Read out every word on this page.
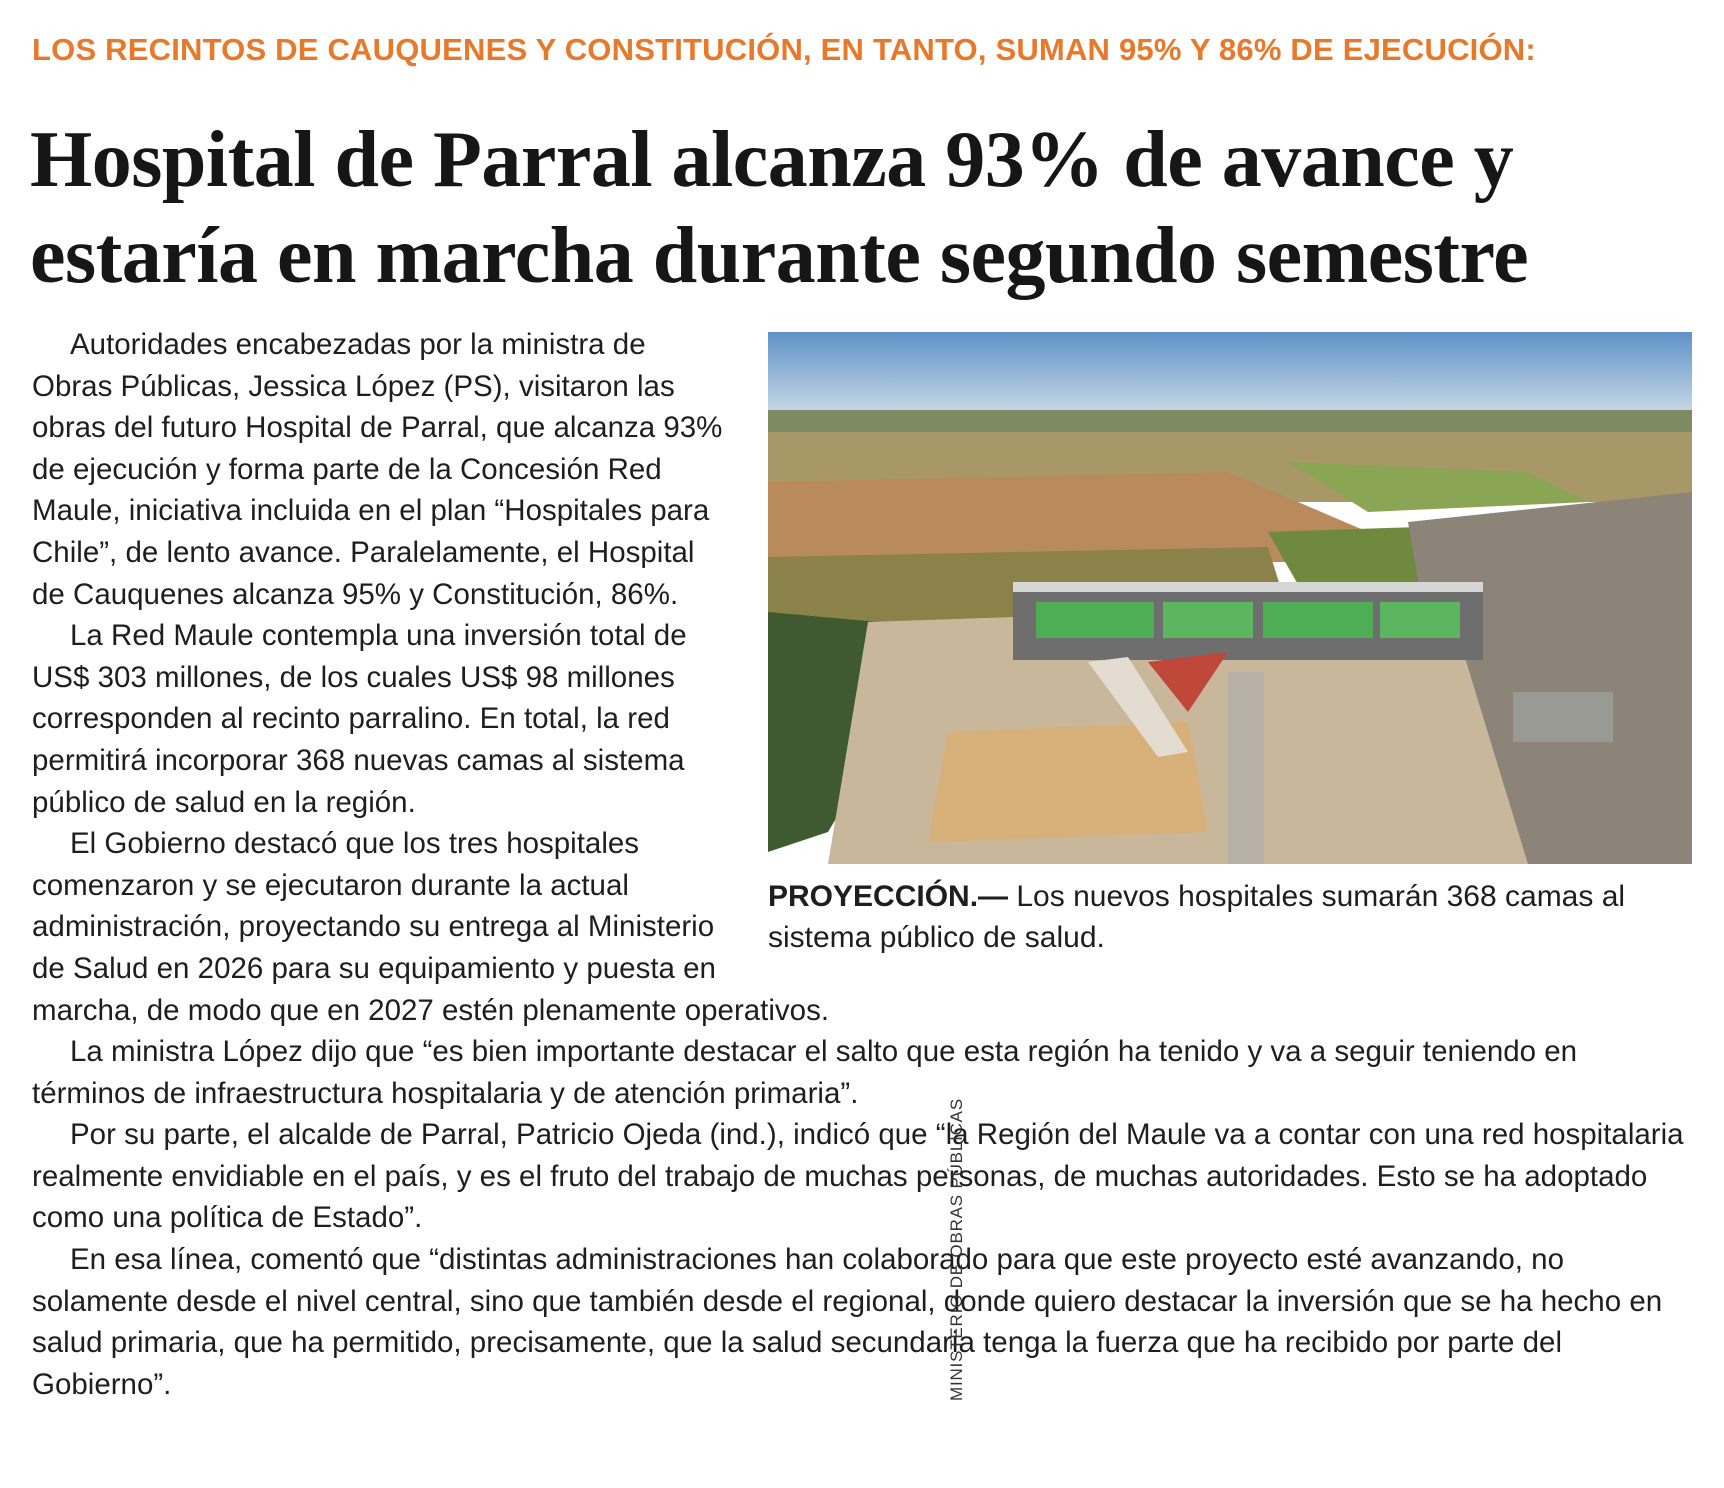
LOS RECINTOS DE CAUQUENES Y CONSTITUCIÓN, EN TANTO, SUMAN 95% Y 86% DE EJECUCIÓN:
Hospital de Parral alcanza 93% de avance y
estaría en marcha durante segundo semestre
MINISTERIO DE OBRAS PÚBLICAS
PROYECCIÓN.— Los nuevos hospitales sumarán 368 camas al sistema público de salud.

Autoridades encabezadas por la ministra de Obras Públicas, Jessica López (PS), visitaron las obras del futuro Hospital de Parral, que alcanza 93% de ejecución y forma parte de la Concesión Red Maule, iniciativa incluida en el plan “Hospitales para Chile”, de lento avance. Paralelamente, el Hospital de Cauquenes alcanza 95% y Constitución, 86%.

La Red Maule contempla una inversión total de US$ 303 millones, de los cuales US$ 98 millones corresponden al recinto parralino. En total, la red permitirá incorporar 368 nuevas camas al sistema público de salud en la región.

El Gobierno destacó que los tres hospitales comenzaron y se ejecutaron durante la actual administración, proyectando su entrega al Ministerio de Salud en 2026 para su equipamiento y puesta en marcha, de modo que en 2027 estén plenamente operativos.

La ministra López dijo que “es bien importante destacar el salto que esta región ha tenido y va a seguir teniendo en términos de infraestructura hospitalaria y de atención primaria”.

Por su parte, el alcalde de Parral, Patricio Ojeda (ind.), indicó que “la Región del Maule va a contar con una red hospitalaria realmente envidiable en el país, y es el fruto del trabajo de muchas personas, de muchas autoridades. Esto se ha adoptado como una política de Estado”.

En esa línea, comentó que “distintas administraciones han colaborado para que este proyecto esté avanzando, no solamente desde el nivel central, sino que también desde el regional, donde quiero destacar la inversión que se ha hecho en salud primaria, que ha permitido, precisamente, que la salud secundaria tenga la fuerza que ha recibido por parte del Gobierno”.
